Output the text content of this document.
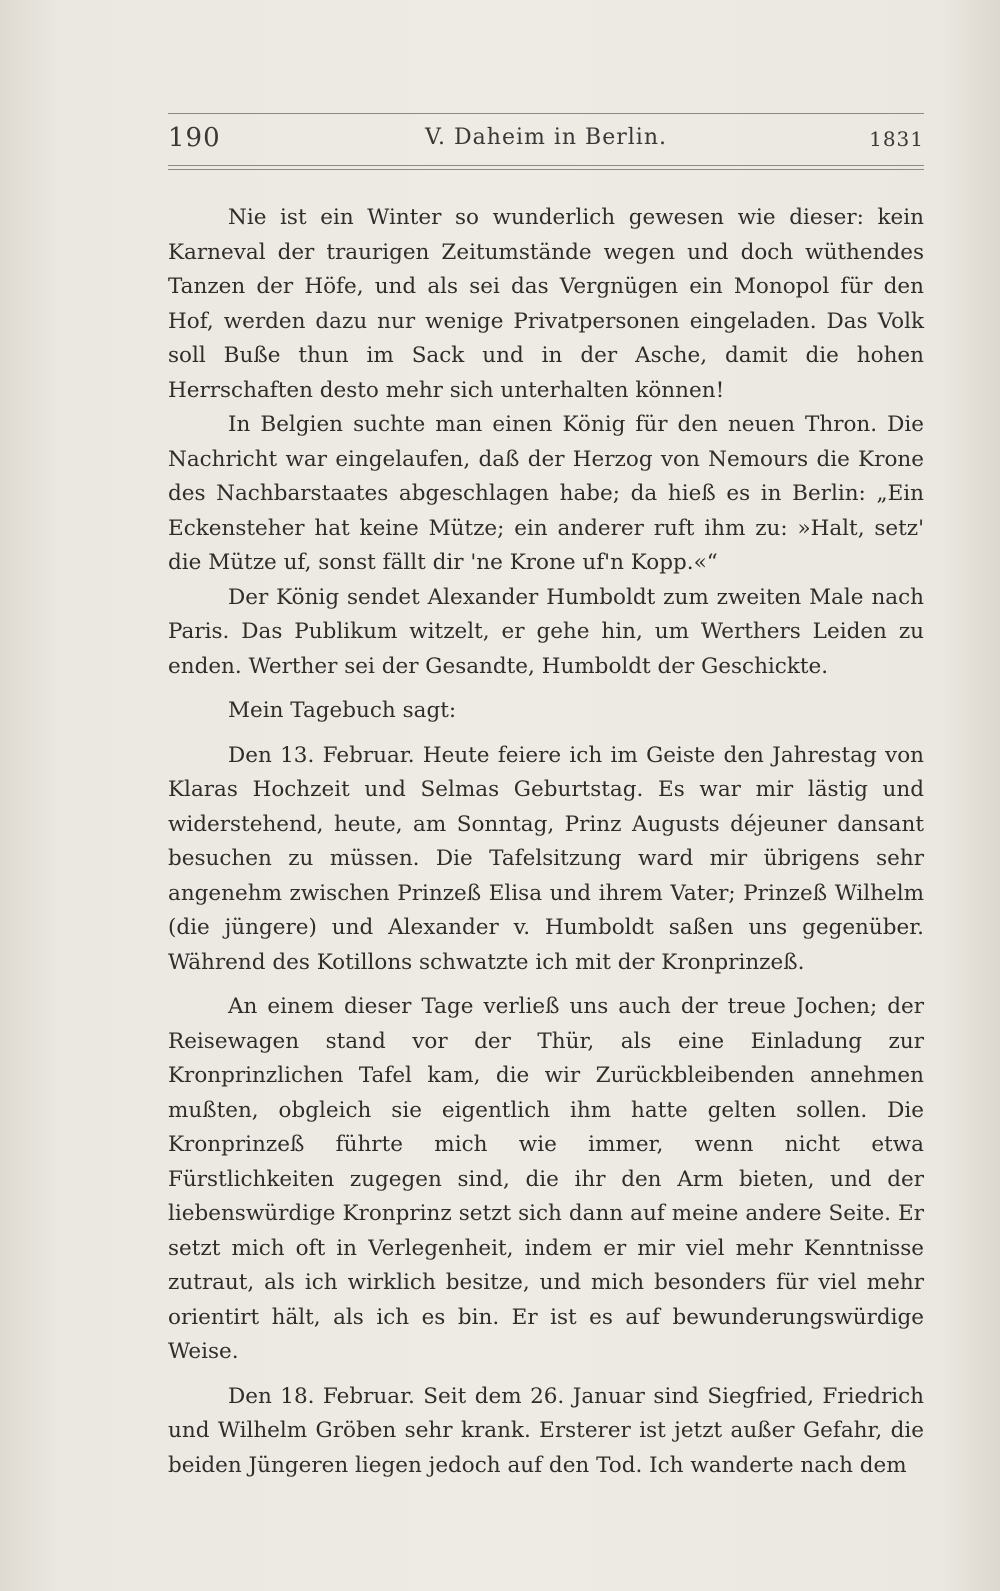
190	V. Daheim in Berlin.	1831

Nie ist ein Winter so wunderlich gewesen wie dieser: kein Karneval der traurigen Zeitumstände wegen und doch wüthendes Tanzen der Höfe, und als sei das Vergnügen ein Monopol für den Hof, werden dazu nur wenige Privatpersonen eingeladen. Das Volk soll Buße thun im Sack und in der Asche, damit die hohen Herrschaften desto mehr sich unterhalten können!

In Belgien suchte man einen König für den neuen Thron. Die Nachricht war eingelaufen, daß der Herzog von Nemours die Krone des Nachbarstaates abgeschlagen habe; da hieß es in Berlin: „Ein Eckensteher hat keine Mütze; ein anderer ruft ihm zu: »Halt, setz' die Mütze uf, sonst fällt dir 'ne Krone uf'n Kopp.«“

Der König sendet Alexander Humboldt zum zweiten Male nach Paris. Das Publikum witzelt, er gehe hin, um Werthers Leiden zu enden. Werther sei der Gesandte, Humboldt der Geschickte.

Mein Tagebuch sagt:

Den 13. Februar. Heute feiere ich im Geiste den Jahrestag von Klaras Hochzeit und Selmas Geburtstag. Es war mir lästig und widerstehend, heute, am Sonntag, Prinz Augusts déjeuner dansant besuchen zu müssen. Die Tafelsitzung ward mir übrigens sehr angenehm zwischen Prinzeß Elisa und ihrem Vater; Prinzeß Wilhelm (die jüngere) und Alexander v. Humboldt saßen uns gegenüber. Während des Kotillons schwatzte ich mit der Kronprinzeß.

An einem dieser Tage verließ uns auch der treue Jochen; der Reisewagen stand vor der Thür, als eine Einladung zur Kronprinzlichen Tafel kam, die wir Zurückbleibenden annehmen mußten, obgleich sie eigentlich ihm hatte gelten sollen. Die Kronprinzeß führte mich wie immer, wenn nicht etwa Fürstlichkeiten zugegen sind, die ihr den Arm bieten, und der liebenswürdige Kronprinz setzt sich dann auf meine andere Seite. Er setzt mich oft in Verlegenheit, indem er mir viel mehr Kenntnisse zutraut, als ich wirklich besitze, und mich besonders für viel mehr orientirt hält, als ich es bin. Er ist es auf bewunderungswürdige Weise.

Den 18. Februar. Seit dem 26. Januar sind Siegfried, Friedrich und Wilhelm Gröben sehr krank. Ersterer ist jetzt außer Gefahr, die beiden Jüngeren liegen jedoch auf den Tod. Ich wanderte nach dem
